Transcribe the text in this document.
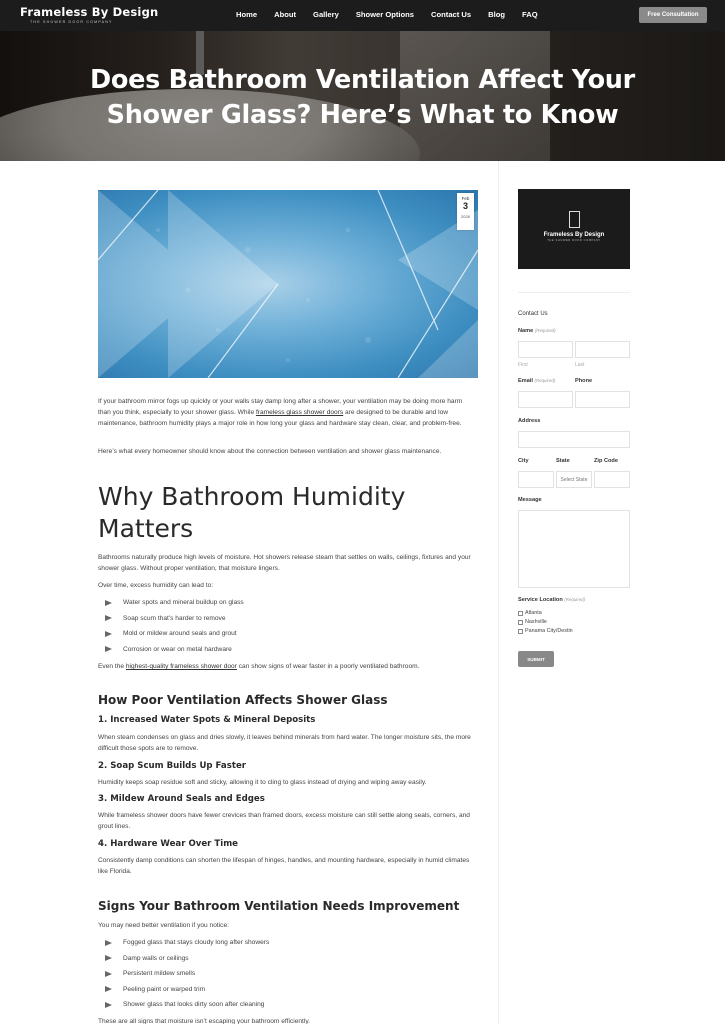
Frameless By Design
THE SHOWER DOOR COMPANY
Home About Gallery Shower Options Contact Us Blog FAQ	Free Consultation
Does Bathroom Ventilation Affect Your
Shower Glass? Here’s What to Know
Feb
3
2026

If your bathroom mirror fogs up quickly or your walls stay damp long after a shower, your ventilation may be doing more harm than you think, especially to your shower glass. While frameless glass shower doors are designed to be durable and low maintenance, bathroom humidity plays a major role in how long your glass and hardware stay clean, clear, and problem-free.

Here’s what every homeowner should know about the connection between ventilation and shower glass maintenance.

Why Bathroom Humidity
Matters

Bathrooms naturally produce high levels of moisture. Hot showers release steam that settles on walls, ceilings, fixtures and your shower glass. Without proper ventilation, that moisture lingers.

Over time, excess humidity can lead to:

Water spots and mineral buildup on glass
Soap scum that’s harder to remove
Mold or mildew around seals and grout
Corrosion or wear on metal hardware

Even the highest-quality frameless shower door can show signs of wear faster in a poorly ventilated bathroom.

How Poor Ventilation Affects Shower Glass
1. Increased Water Spots & Mineral Deposits

When steam condenses on glass and dries slowly, it leaves behind minerals from hard water. The longer moisture sits, the more difficult those spots are to remove.

2. Soap Scum Builds Up Faster

Humidity keeps soap residue soft and sticky, allowing it to cling to glass instead of drying and wiping away easily.

3. Mildew Around Seals and Edges

While frameless shower doors have fewer crevices than framed doors, excess moisture can still settle along seals, corners, and grout lines.

4. Hardware Wear Over Time

Consistently damp conditions can shorten the lifespan of hinges, handles, and mounting hardware, especially in humid climates like Florida.

Signs Your Bathroom Ventilation Needs Improvement

You may need better ventilation if you notice:

Fogged glass that stays cloudy long after showers
Damp walls or ceilings
Persistent mildew smells
Peeling paint or warped trim
Shower glass that looks dirty soon after cleaning

These are all signs that moisture isn’t escaping your bathroom efficiently.

Frameless By Design
THE SHOWER DOOR COMPANY
Contact Us
Name (Required)
First	Last
Email (Required)	Phone
Address
City	State	Zip Code
Select State
Message
Service Location (Required)
Atlanta
Nashville
Panama City/Destin
SUBMIT
